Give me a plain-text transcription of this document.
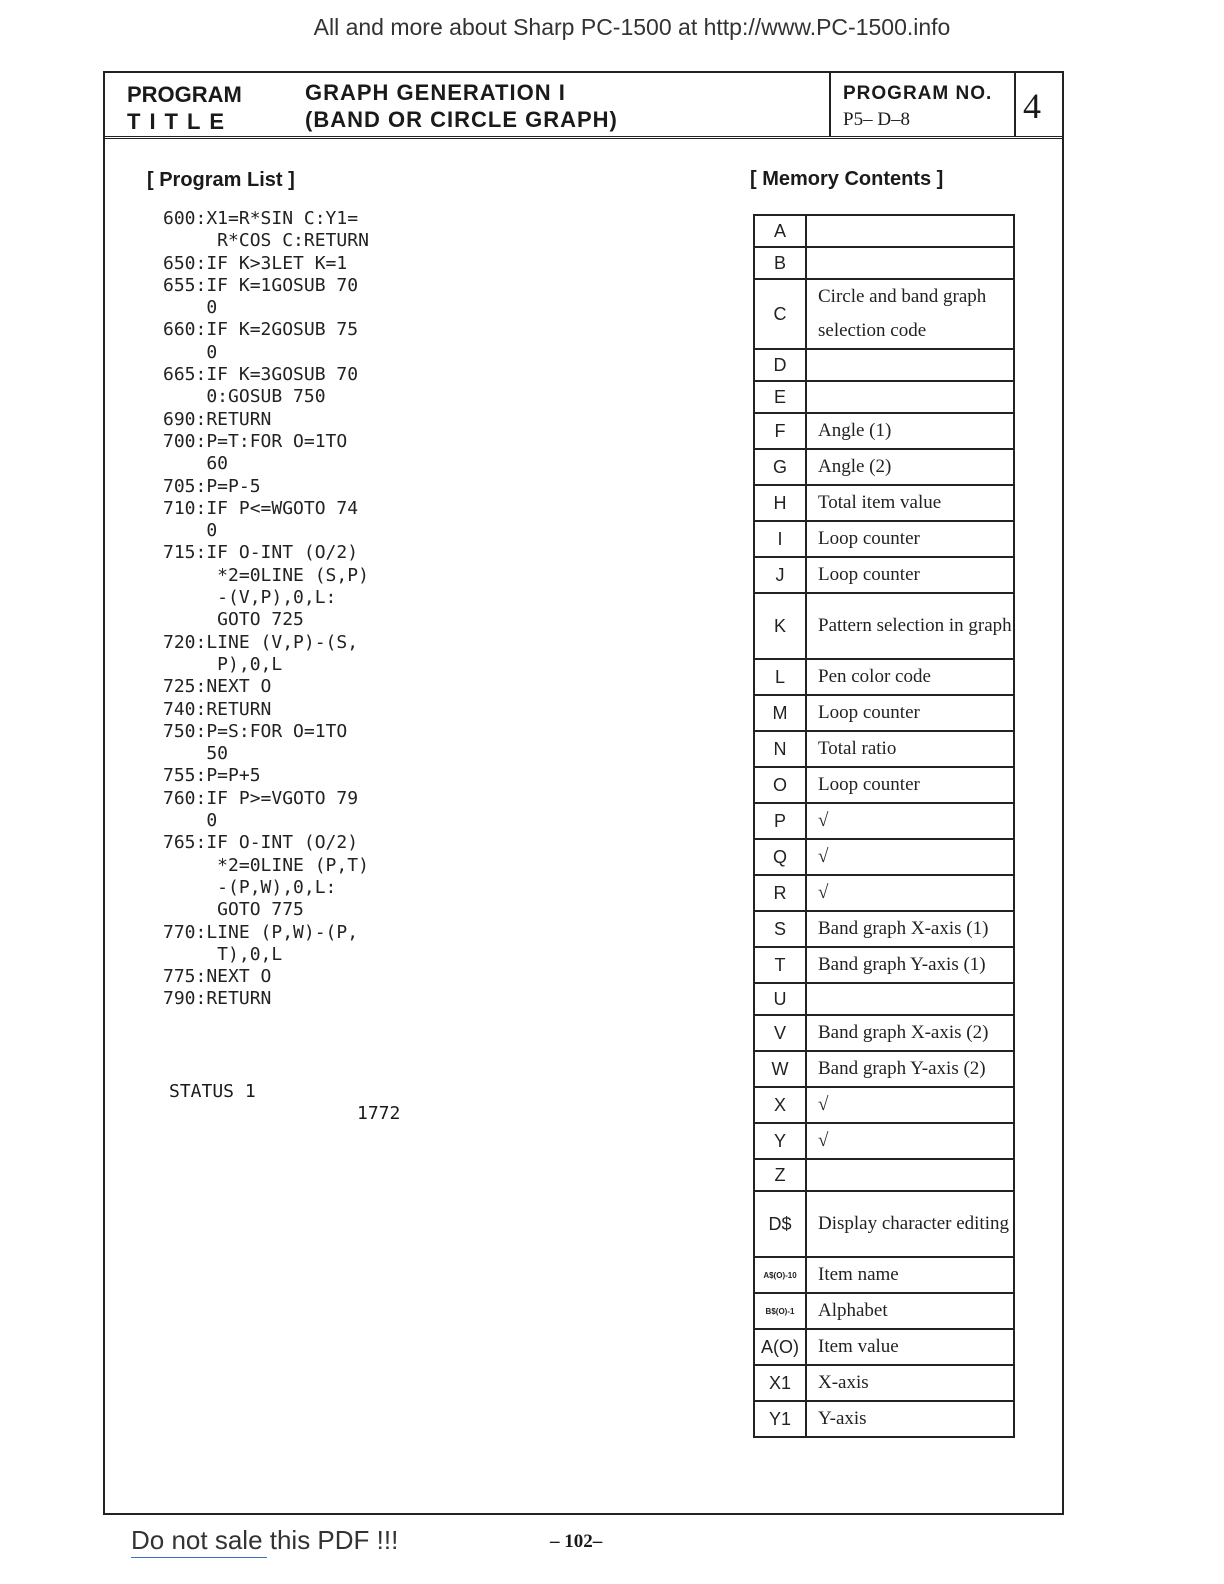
All and more about Sharp PC-1500 at http://www.PC-1500.info
PROGRAM
TITLE
GRAPH GENERATION I
(BAND OR CIRCLE GRAPH)
PROGRAM NO.
P5– D–8	4
[ Program List ]
600:X1=R*SIN C:Y1=
R*COS C:RETURN
650:IF K>3LET K=1
655:IF K=1GOSUB 70
0
660:IF K=2GOSUB 75
0
665:IF K=3GOSUB 70
0:GOSUB 750
690:RETURN
700:P=T:FOR O=1TO
60
705:P=P-5
710:IF P<=WGOTO 74
0
715:IF O-INT (O/2)
*2=0LINE (S,P)
-(V,P),0,L:
GOTO 725
720:LINE (V,P)-(S,
P),0,L
725:NEXT O
740:RETURN
750:P=S:FOR O=1TO
50
755:P=P+5
760:IF P>=VGOTO 79
0
765:IF O-INT (O/2)
*2=0LINE (P,T)
-(P,W),0,L:
GOTO 775
770:LINE (P,W)-(P,
T),0,L
775:NEXT O
790:RETURN
STATUS 1
1772
[ Memory Contents ]
A	
B	
C	Circle and band graph selection code
D	
E	
F	Angle (1)
G	Angle (2)
H	Total item value
I	Loop counter
J	Loop counter
K	Pattern selection in graph
L	Pen color code
M	Loop counter
N	Total ratio
O	Loop counter
P	√
Q	√
R	√
S	Band graph X-axis (1)
T	Band graph Y-axis (1)
U	
V	Band graph X-axis (2)
W	Band graph Y-axis (2)
X	√
Y	√
Z	
D$	Display character editing
A$(O)-10	Item name
B$(O)-1	Alphabet
A(O)	Item value
X1	X-axis
Y1	Y-axis
Do not sale this PDF !!!	– 102–
